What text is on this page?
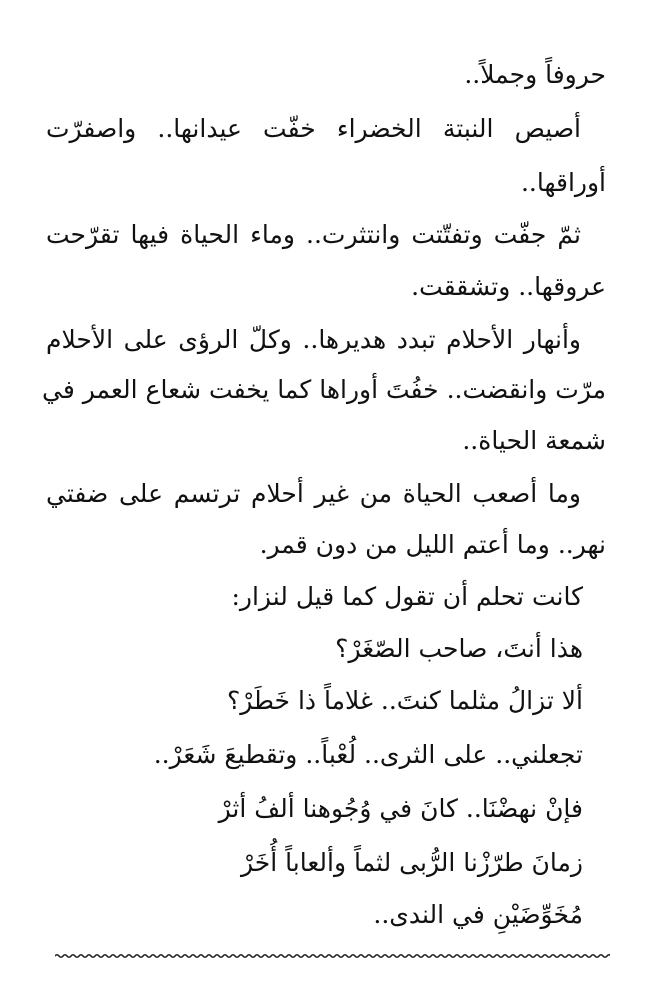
حروفاً وجملاً..
أصيص النبتة الخضراء خفّت عيدانها.. واصفرّت
أوراقها..
ثمّ جفّت وتفتّتت وانتثرت.. وماء الحياة فيها تقرّحت
عروقها.. وتشققت.
وأنهار الأحلام تبدد هديرها.. وكلّ الرؤى على الأحلام
مرّت وانقضت.. خفُتَ أوراها كما يخفت شعاع العمر في
شمعة الحياة..
وما أصعب الحياة من غير أحلام ترتسم على ضفتي
نهر.. وما أعتم الليل من دون قمر.
كانت تحلم أن تقول كما قيل لنزار:
هذا أنتَ، صاحب الصّغَرْ؟
ألا تزالُ مثلما كنتَ.. غلاماً ذا خَطَرْ؟
تجعلني.. على الثرى.. لُعْباً.. وتقطيعَ شَعَرْ..
فإنْ نهضْنَا.. كانَ في وُجُوهنا ألفُ أثرْ
زمانَ طرّزْنا الرُّبى لثماً وألعاباً أُخَرْ
مُخَوِّضَيْنِ في الندى..
